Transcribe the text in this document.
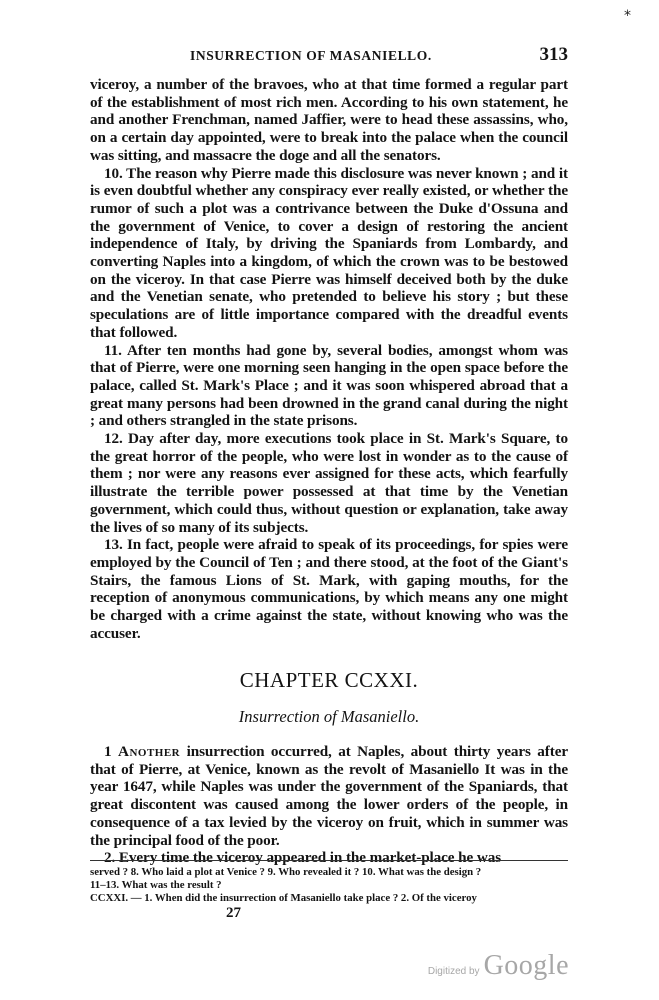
*
INSURRECTION OF MASANIELLO.	313

viceroy, a number of the bravoes, who at that time formed a regular part of the establishment of most rich men. According to his own statement, he and another Frenchman, named Jaffier, were to head these assassins, who, on a certain day appointed, were to break into the palace when the council was sitting, and massacre the doge and all the senators.

10. The reason why Pierre made this disclosure was never known ; and it is even doubtful whether any conspiracy ever really existed, or whether the rumor of such a plot was a contrivance between the Duke d'Ossuna and the government of Venice, to cover a design of restoring the ancient independence of Italy, by driving the Spaniards from Lombardy, and converting Naples into a kingdom, of which the crown was to be bestowed on the viceroy. In that case Pierre was himself deceived both by the duke and the Venetian senate, who pretended to believe his story ; but these speculations are of little importance compared with the dreadful events that followed.

11. After ten months had gone by, several bodies, amongst whom was that of Pierre, were one morning seen hanging in the open space before the palace, called St. Mark's Place ; and it was soon whispered abroad that a great many persons had been drowned in the grand canal during the night ; and others strangled in the state prisons.

12. Day after day, more executions took place in St. Mark's Square, to the great horror of the people, who were lost in wonder as to the cause of them ; nor were any reasons ever assigned for these acts, which fearfully illustrate the terrible power possessed at that time by the Venetian government, which could thus, without question or explanation, take away the lives of so many of its subjects.

13. In fact, people were afraid to speak of its proceedings, for spies were employed by the Council of Ten ; and there stood, at the foot of the Giant's Stairs, the famous Lions of St. Mark, with gaping mouths, for the reception of anonymous communications, by which means any one might be charged with a crime against the state, without knowing who was the accuser.

CHAPTER CCXXI.
Insurrection of Masaniello.

1 Another insurrection occurred, at Naples, about thirty years after that of Pierre, at Venice, known as the revolt of Masaniello It was in the year 1647, while Naples was under the government of the Spaniards, that great discontent was caused among the lower orders of the people, in consequence of a tax levied by the viceroy on fruit, which in summer was the principal food of the poor.

2. Every time the viceroy appeared in the market-place he was

served ? 8. Who laid a plot at Venice ? 9. Who revealed it ? 10. What was the design ?

11–13. What was the result ?

CCXXI. — 1. When did the insurrection of Masaniello take place ? 2. Of the viceroy

27
Digitized by Google
